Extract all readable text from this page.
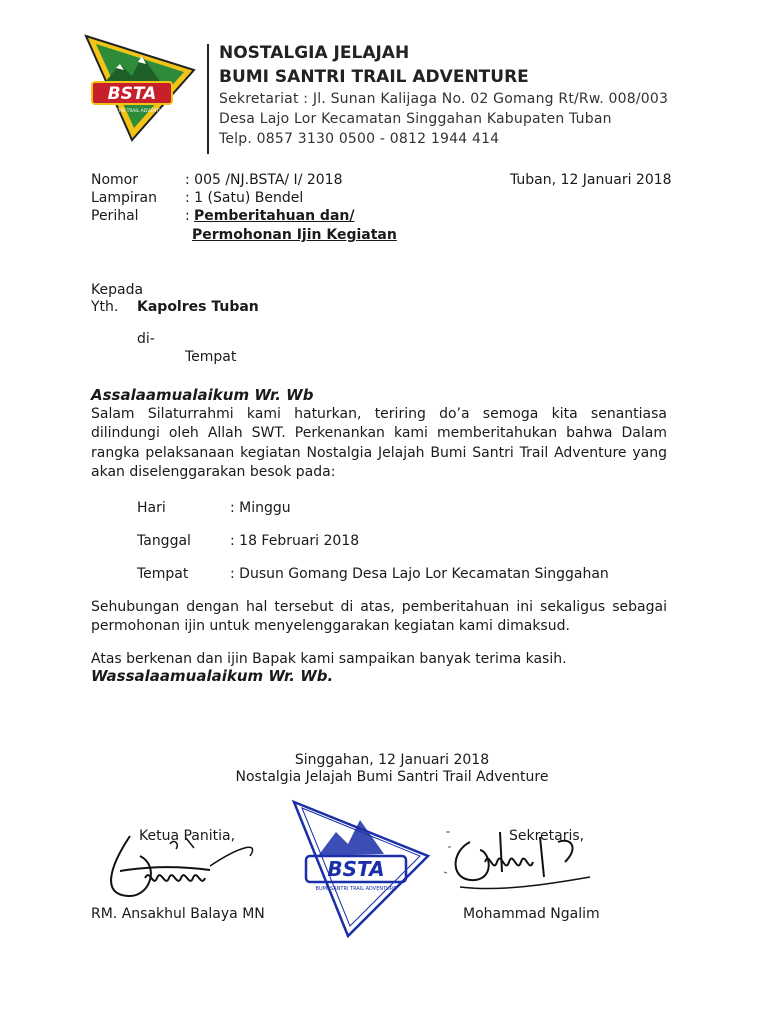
BSTA
BUMI SANTRI TRAIL ADVENTURE
NOSTALGIA JELAJAH
BUMI SANTRI TRAIL ADVENTURE
Sekretariat : Jl. Sunan Kalijaga No. 02 Gomang Rt/Rw. 008/003
Desa Lajo Lor Kecamatan Singgahan Kabupaten Tuban
Telp. 0857 3130 0500 - 0812 1944 414
Nomor	: 005 /NJ.BSTA/ I/ 2018	Tuban, 12 Januari 2018
Lampiran : 1 (Satu) Bendel
Perihal	: Pemberitahuan dan/
Permohonan Ijin Kegiatan
Kepada
Yth. Kapolres Tuban
di-
Tempat
Assalaamualaikum Wr. Wb
Salam Silaturrahmi kami haturkan, teriring do’a semoga kita senantiasa dilindungi oleh Allah SWT. Perkenankan kami memberitahukan bahwa Dalam rangka pelaksanaan kegiatan Nostalgia Jelajah Bumi Santri Trail Adventure yang akan diselenggarakan besok pada:
Hari	: Minggu
Tanggal	: 18 Februari 2018
Tempat	: Dusun Gomang Desa Lajo Lor Kecamatan Singgahan
Sehubungan dengan hal tersebut di atas, pemberitahuan ini sekaligus sebagai permohonan ijin untuk menyelenggarakan kegiatan kami dimaksud.
Atas berkenan dan ijin Bapak kami sampaikan banyak terima kasih.
Wassalaamualaikum Wr. Wb.
Singgahan, 12 Januari 2018
Nostalgia Jelajah Bumi Santri Trail Adventure
Ketua Panitia,	Sekretaris,
BSTA
BUMI SANTRI TRAIL ADVENTURE
RM. Ansakhul Balaya MN	Mohammad Ngalim
